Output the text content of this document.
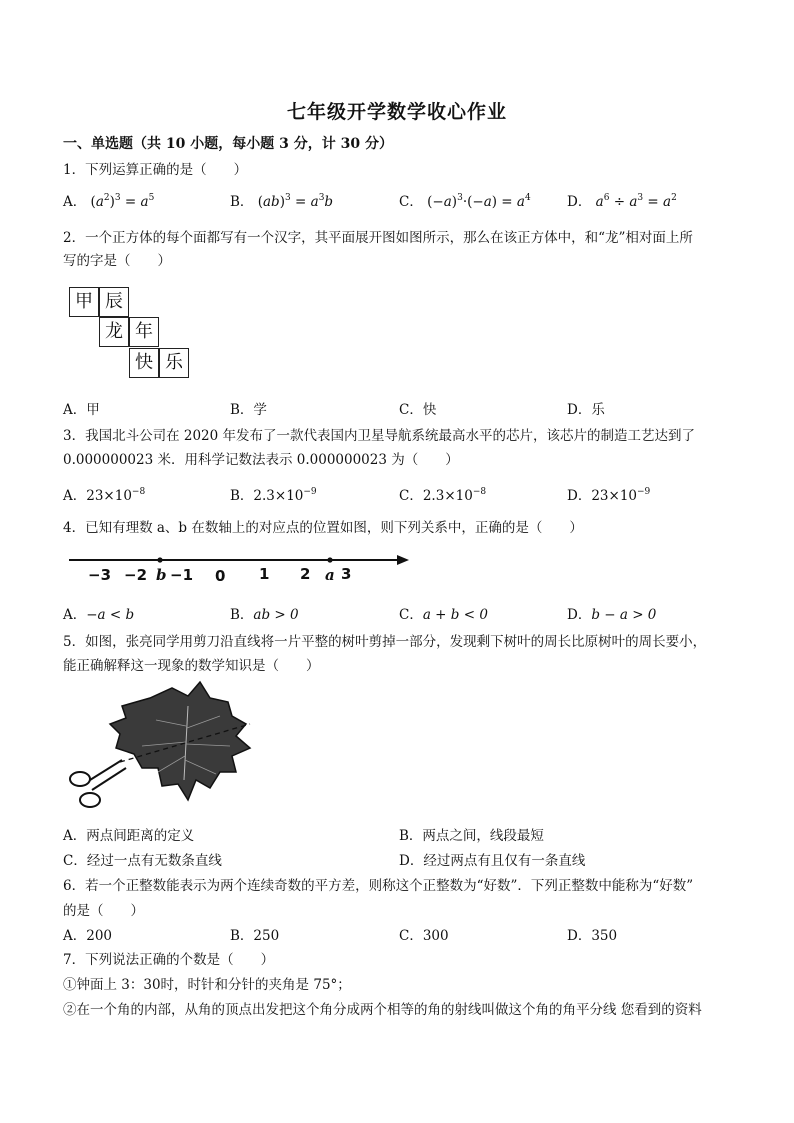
七年级开学数学收心作业
一、单选题（共 10 小题，每小题 3 分，计 30 分）
1．下列运算正确的是（　　）
A． $(a^2)^3 = a^5$	B． $(ab)^3 = a^3b$	C． $(-a)^3\cdot(-a) = a^4$	D． $a^6 \div a^3 = a^2$
2．一个正方体的每个面都写有一个汉字，其平面展开图如图所示，那么在该正方体中，和“龙”相对面上所
写的字是（　　）
甲 辰
龙 年
快 乐
A．甲	B．学	C．快	D．乐
3．我国北斗公司在 2020 年发布了一款代表国内卫星导航系统最高水平的芯片，该芯片的制造工艺达到了
0.000000023 米．用科学记数法表示 0.000000023 为（　　）
A．$23\times 10^{-8}$	B．$2.3\times 10^{-9}$	C．$2.3\times 10^{-8}$	D．$23\times 10^{-9}$
4．已知有理数 a、b 在数轴上的对应点的位置如图，则下列关系中，正确的是（　　）
−3 −2 b −1 0 1 2 a 3
A．−a < b	B．ab > 0	C．a + b < 0	D．b − a > 0
5．如图，张亮同学用剪刀沿直线将一片平整的树叶剪掉一部分，发现剩下树叶的周长比原树叶的周长要小，
能正确解释这一现象的数学知识是（　　）
A．两点间距离的定义	B．两点之间，线段最短
C．经过一点有无数条直线	D．经过两点有且仅有一条直线
6．若一个正整数能表示为两个连续奇数的平方差，则称这个正整数为“好数”．下列正整数中能称为“好数”
的是（　　）
A．200	B．250	C．300	D．350
7．下列说法正确的个数是（　　）
①钟面上 3：30时，时针和分针的夹角是 75°；
②在一个角的内部，从角的顶点出发把这个角分成两个相等的角的射线叫做这个角的角平分线 您看到的资料
